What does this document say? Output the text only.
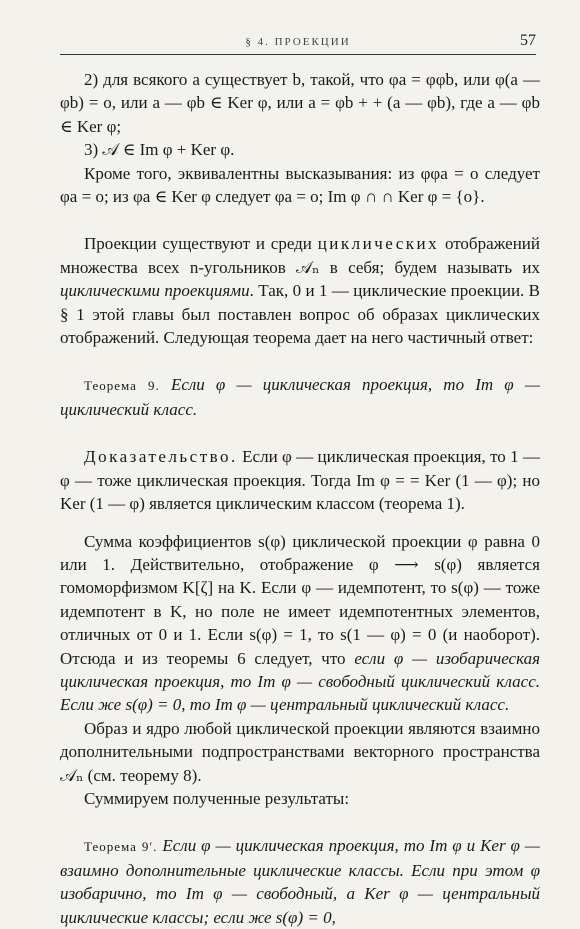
§ 4. ПРОЕКЦИИ	57

2) для всякого a существует b, такой, что φa = φφb, или φ(a — φb) = o, или a — φb ∈ Ker φ, или a = φb + + (a — φb), где a — φb ∈ Ker φ;

3) 𝒜 ∈ Im φ + Ker φ.

Кроме того, эквивалентны высказывания: из φφa = o следует φa = o; из φa ∈ Ker φ следует φa = o; Im φ ∩ ∩ Ker φ = {o}.

Проекции существуют и среди циклических отображений множества всех n-угольников 𝒜ₙ в себя; будем называть их циклическими проекциями. Так, 0 и 1 — циклические проекции. В § 1 этой главы был поставлен вопрос об образах циклических отображений. Следующая теорема дает на него частичный ответ:

Теорема 9. Если φ — циклическая проекция, то Im φ — циклический класс.

Доказательство. Если φ — циклическая проекция, то 1 — φ — тоже циклическая проекция. Тогда Im φ = = Ker (1 — φ); но Ker (1 — φ) является циклическим классом (теорема 1).

Сумма коэффициентов s(φ) циклической проекции φ равна 0 или 1. Действительно, отображение φ ⟶ s(φ) является гомоморфизмом K[ζ] на K. Если φ — идемпотент, то s(φ) — тоже идемпотент в K, но поле не имеет идемпотентных элементов, отличных от 0 и 1. Если s(φ) = 1, то s(1 — φ) = 0 (и наоборот). Отсюда и из теоремы 6 следует, что если φ — изобарическая циклическая проекция, то Im φ — свободный циклический класс. Если же s(φ) = 0, то Im φ — центральный циклический класс.

Образ и ядро любой циклической проекции являются взаимно дополнительными подпространствами векторного пространства 𝒜ₙ (см. теорему 8).

Суммируем полученные результаты:

Теорема 9′. Если φ — циклическая проекция, то Im φ и Ker φ — взаимно дополнительные циклические классы. Если при этом φ изобарично, то Im φ — свободный, а Ker φ — центральный циклические классы; если же s(φ) = 0,
